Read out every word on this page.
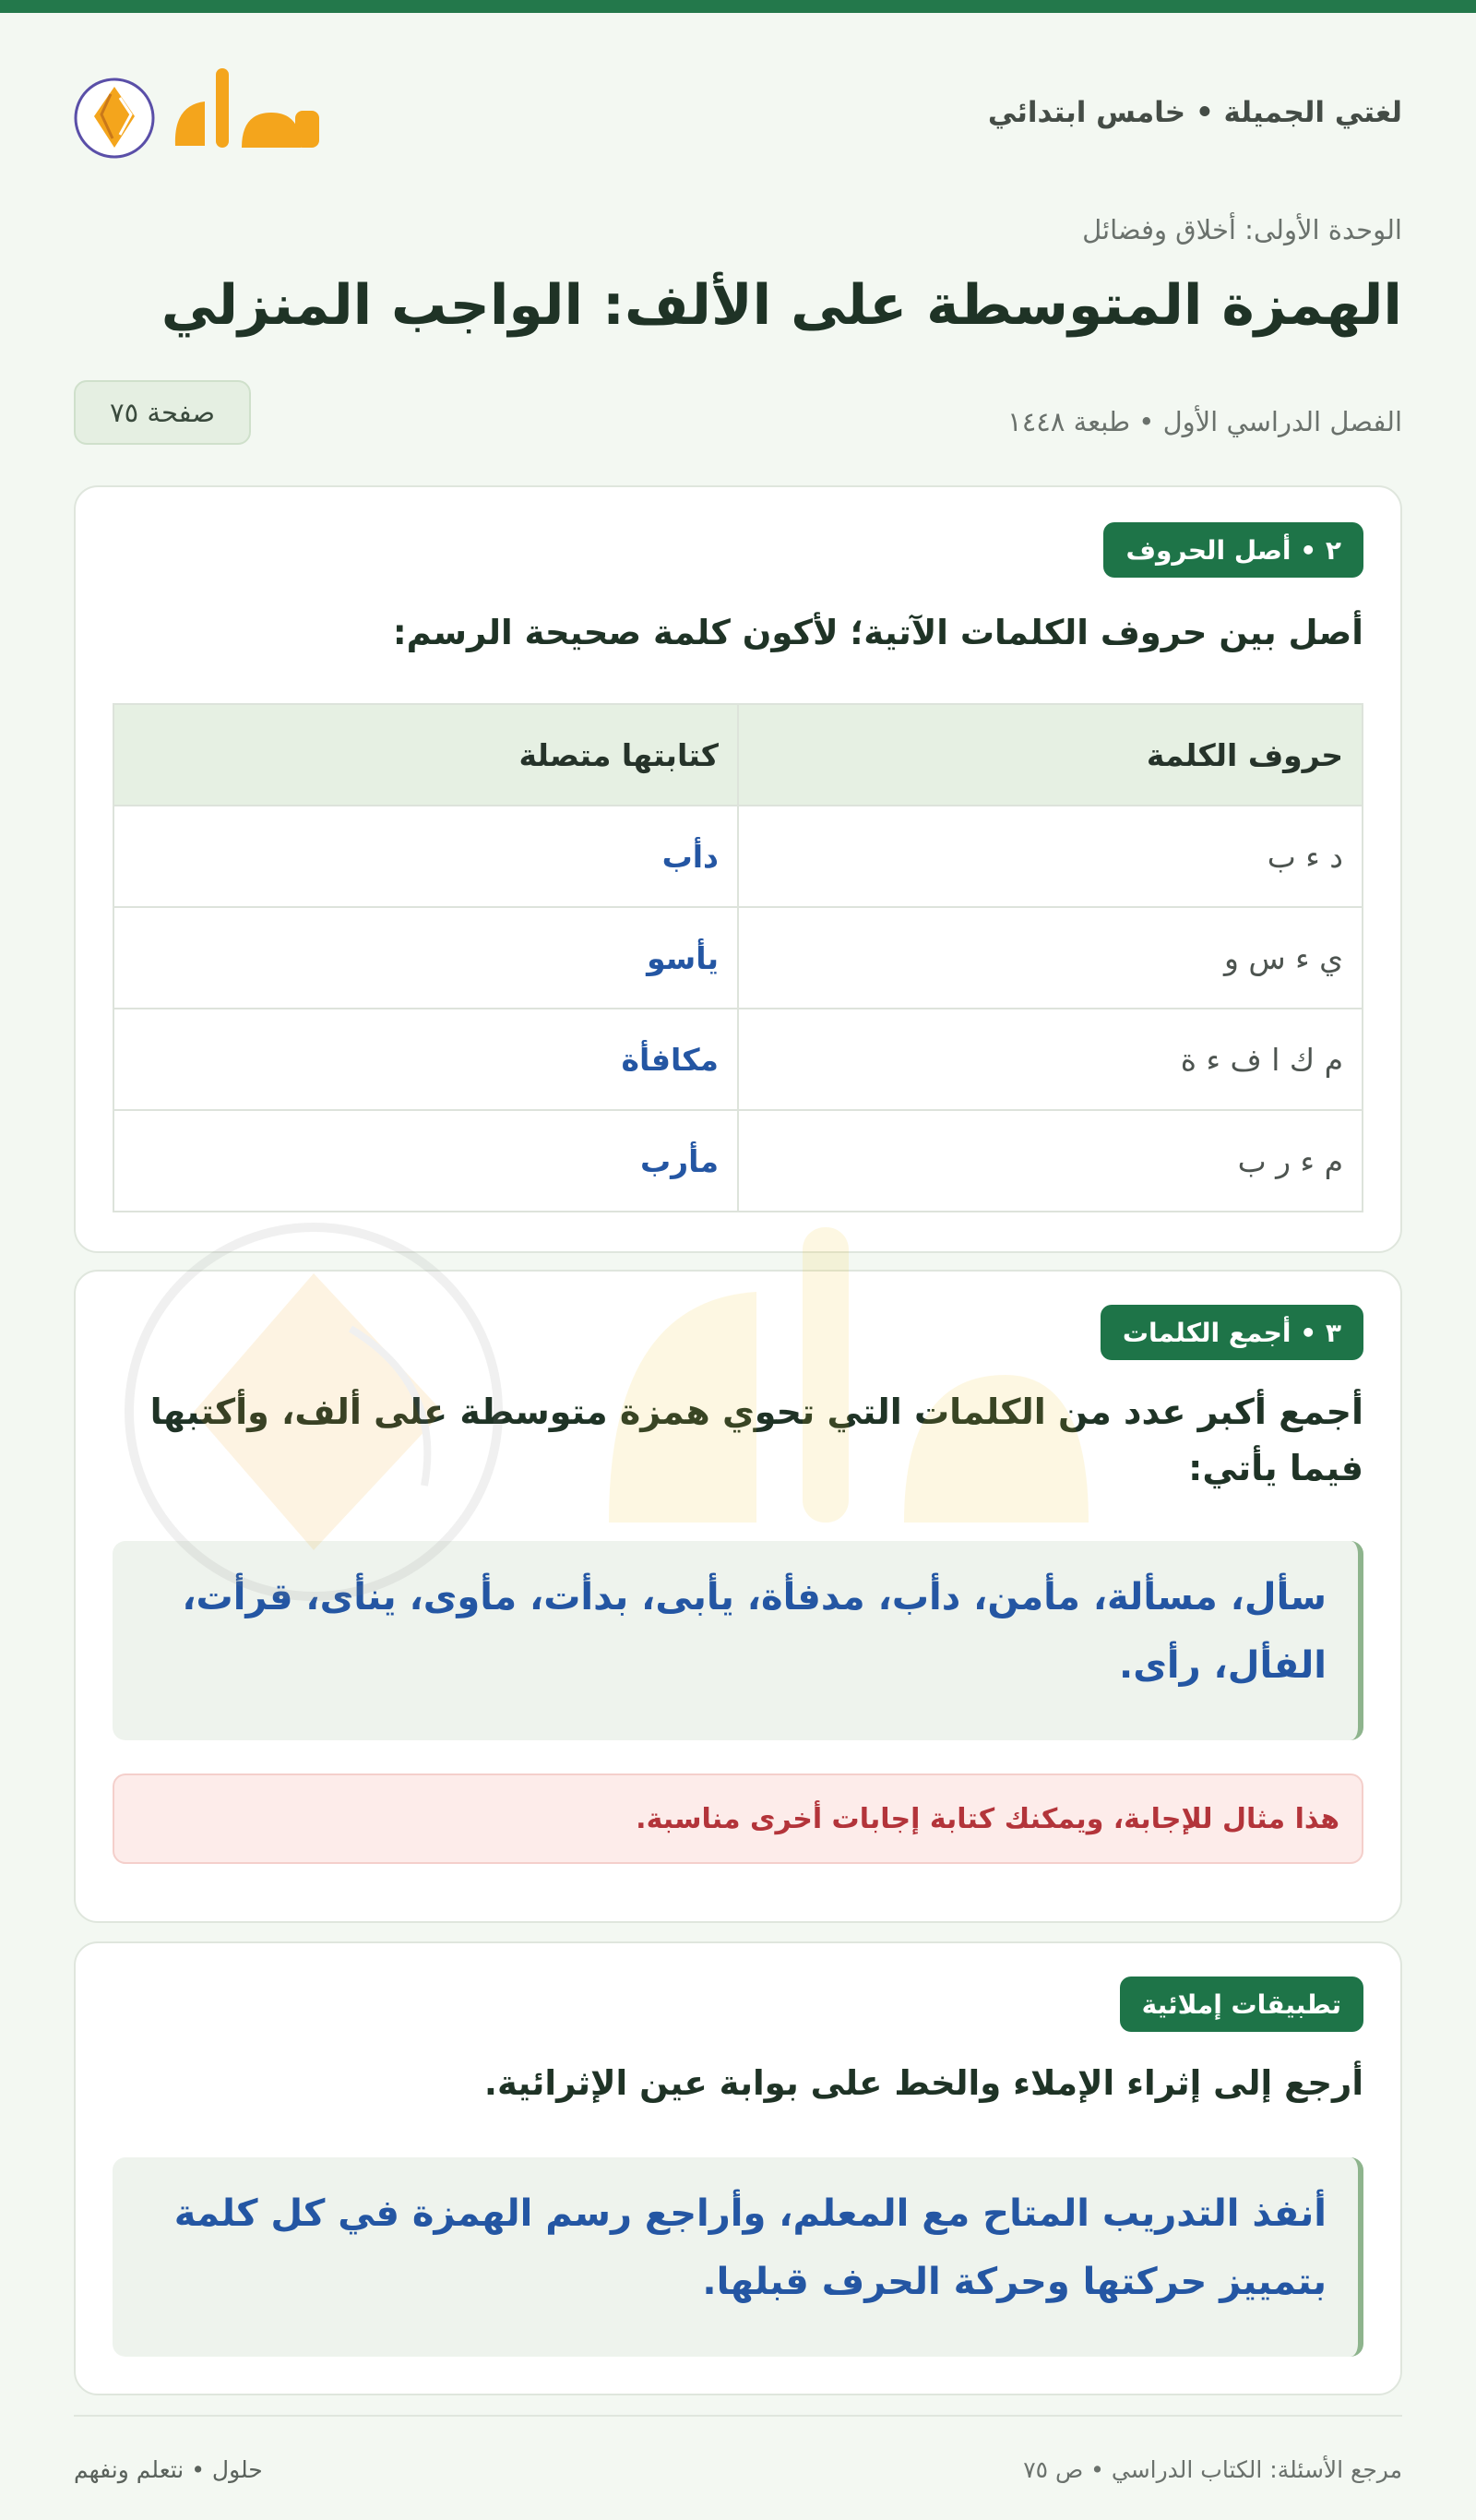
لغتي الجميلة • خامس ابتدائي
الوحدة الأولى: أخلاق وفضائل
الهمزة المتوسطة على الألف: الواجب المنزلي
الفصل الدراسي الأول • طبعة ١٤٤٨
صفحة ٧٥
٢ • أصل الحروف
أصل بين حروف الكلمات الآتية؛ لأكون كلمة صحيحة الرسم:
حروف الكلمة	كتابتها متصلة
د ء ب	دأب
ي ء س و	يأسو
م ك ا ف ء ة	مكافأة
م ء ر ب	مأرب
٣ • أجمع الكلمات
أجمع أكبر عدد من الكلمات التي تحوي همزة متوسطة على ألف، وأكتبها فيما يأتي:
سأل، مسألة، مأمن، دأب، مدفأة، يأبى، بدأت، مأوى، ينأى، قرأت، الفأل، رأى.
هذا مثال للإجابة، ويمكنك كتابة إجابات أخرى مناسبة.
تطبيقات إملائية
أرجع إلى إثراء الإملاء والخط على بوابة عين الإثرائية.
أنفذ التدريب المتاح مع المعلم، وأراجع رسم الهمزة في كل كلمة بتمييز حركتها وحركة الحرف قبلها.
مرجع الأسئلة: الكتاب الدراسي • ص ٧٥
حلول • نتعلم ونفهم
